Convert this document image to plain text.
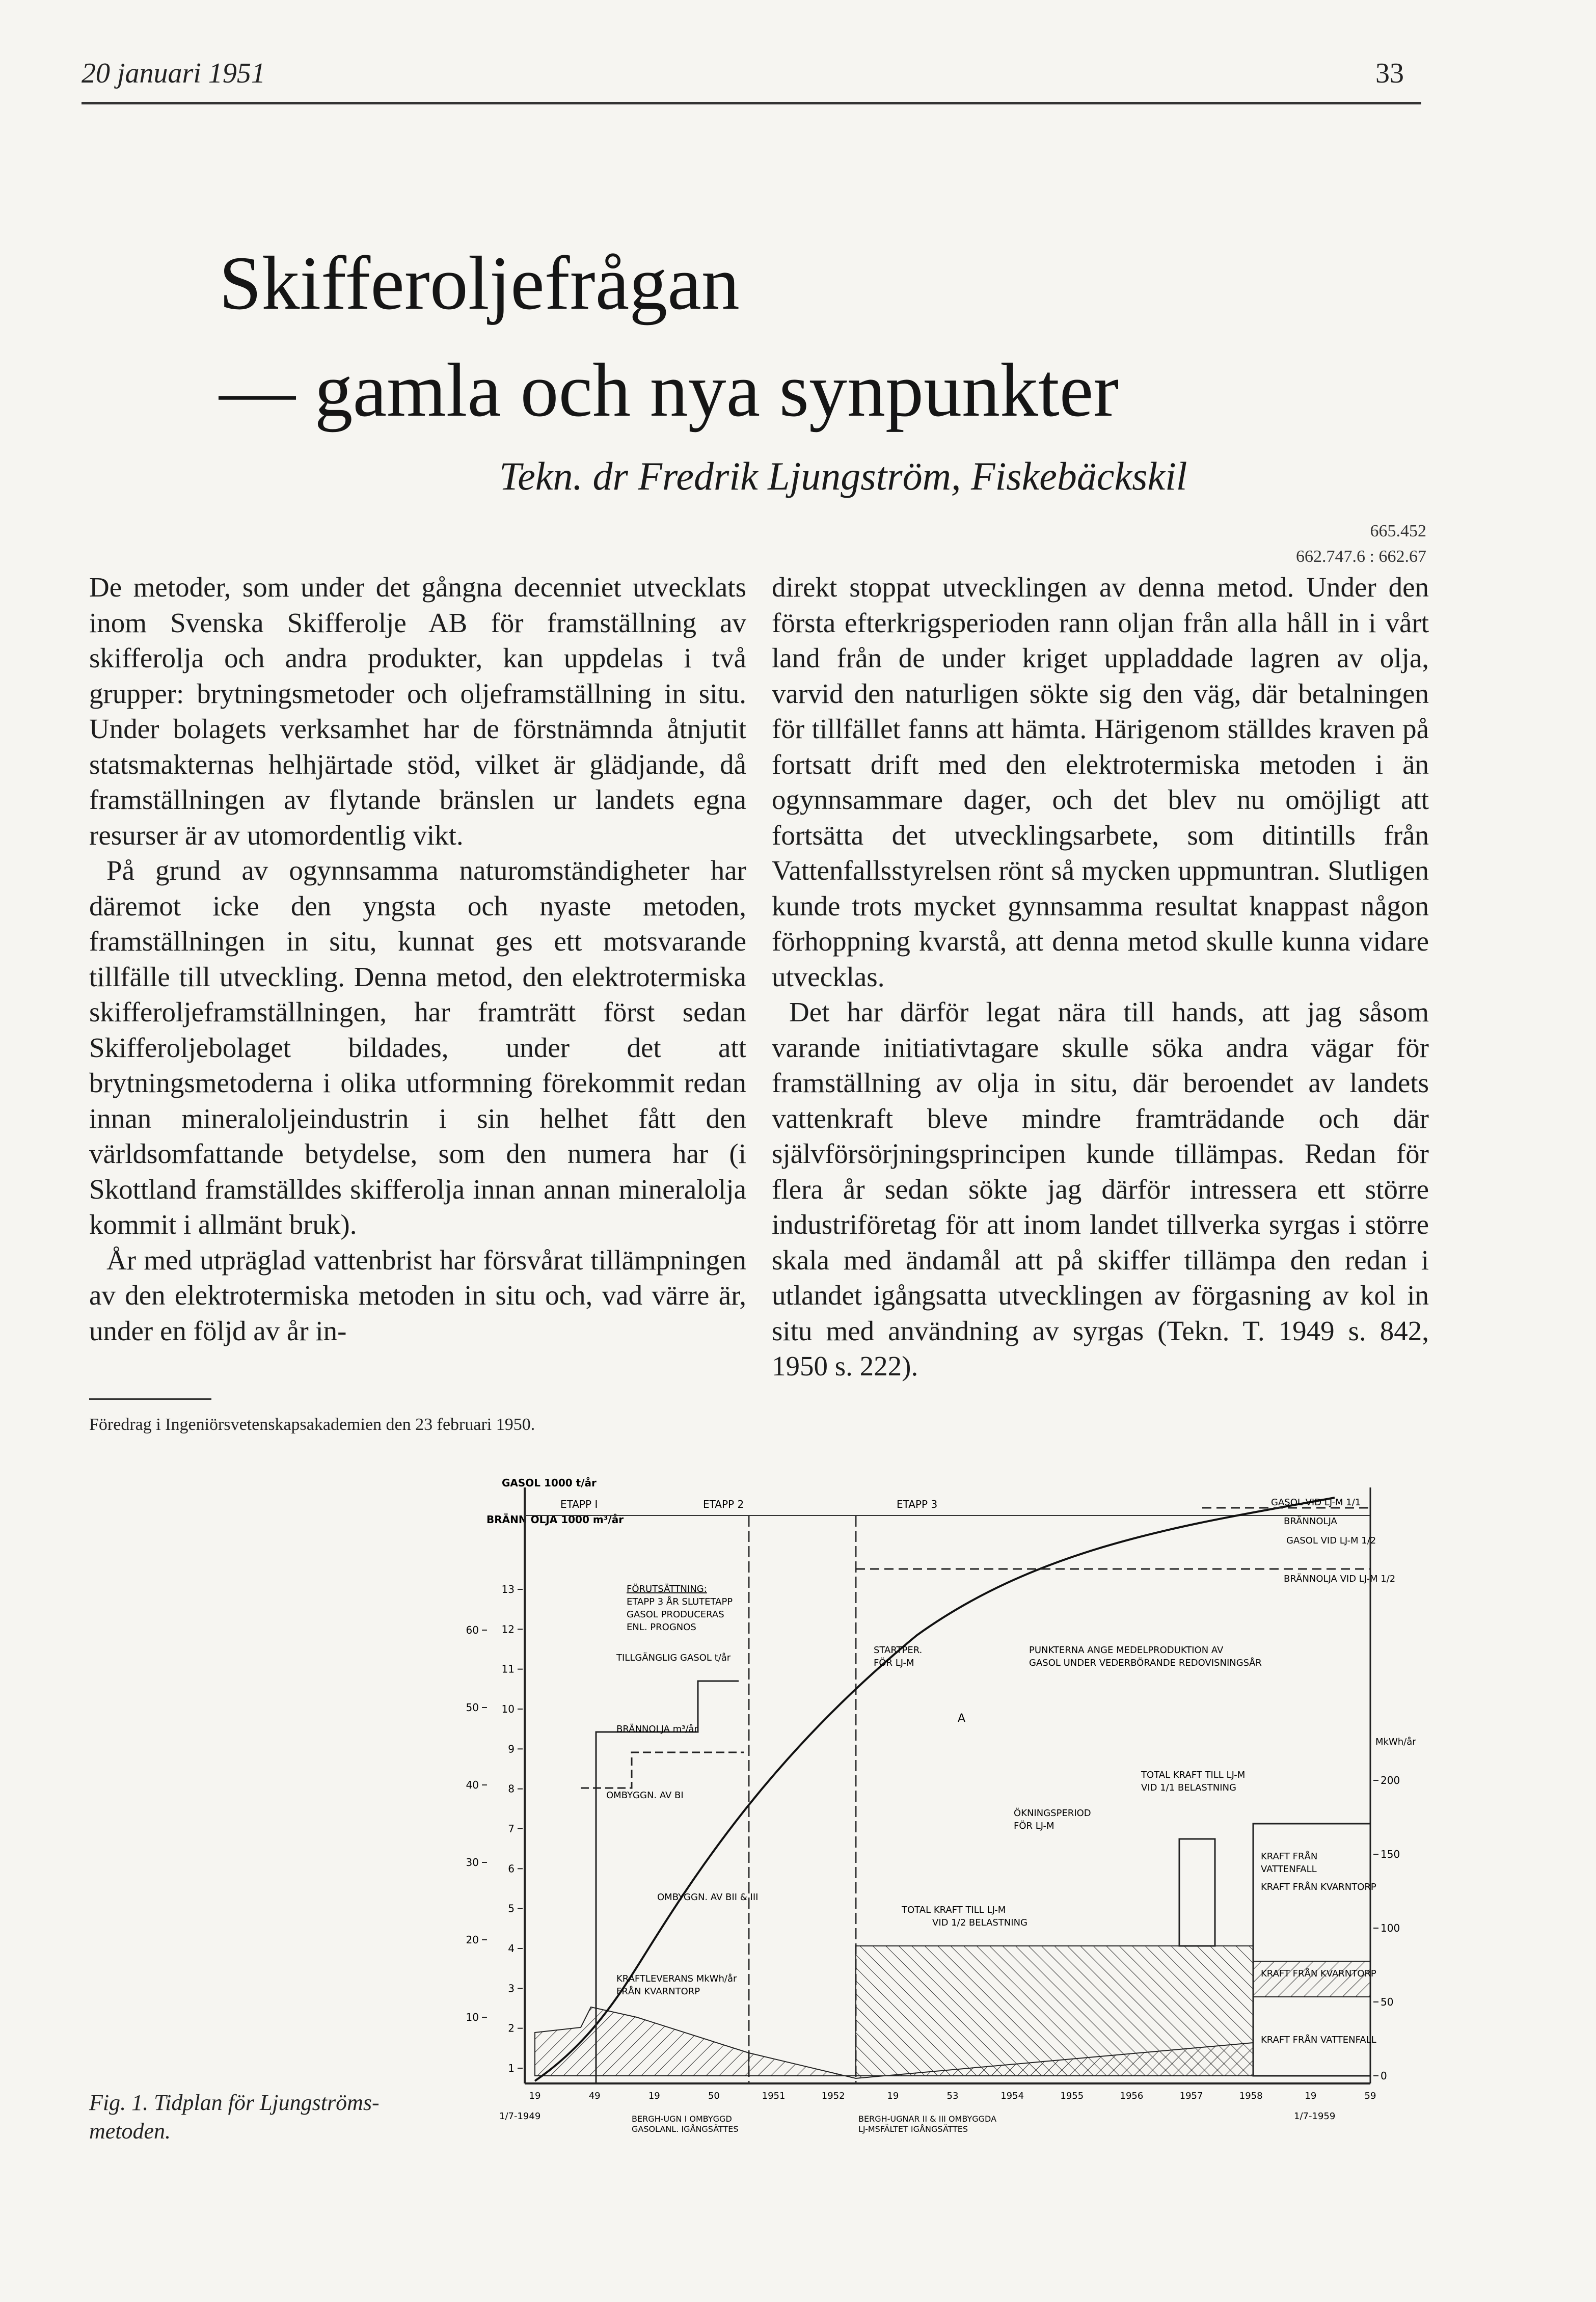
20 januari 1951	33
Skifferoljefrågan
— gamla och nya synpunkter
Tekn. dr Fredrik Ljungström, Fiskebäckskil
665.452
662.747.6 : 662.67

De metoder, som under det gångna decenniet utvecklats inom Svenska Skifferolje AB för framställning av skifferolja och andra produkter, kan uppdelas i två grupper: brytningsmetoder och oljeframställning in situ. Under bolagets verksamhet har de förstnämnda åtnjutit statsmakternas helhjärtade stöd, vilket är glädjande, då framställningen av flytande bränslen ur landets egna resurser är av utomordentlig vikt.

På grund av ogynnsamma naturomständigheter har däremot icke den yngsta och nyaste metoden, framställningen in situ, kunnat ges ett motsvarande tillfälle till utveckling. Denna metod, den elektrotermiska skifferoljeframställningen, har framträtt först sedan Skifferoljebolaget bildades, under det att brytningsmetoderna i olika utformning förekommit redan innan mineraloljeindustrin i sin helhet fått den världsomfattande betydelse, som den numera har (i Skottland framställdes skifferolja innan annan mineralolja kommit i allmänt bruk).

År med utpräglad vattenbrist har försvårat tillämpningen av den elektrotermiska metoden in situ och, vad värre är, under en följd av år in-

direkt stoppat utvecklingen av denna metod. Under den första efterkrigsperioden rann oljan från alla håll in i vårt land från de under kriget uppladdade lagren av olja, varvid den naturligen sökte sig den väg, där betalningen för tillfället fanns att hämta. Härigenom ställdes kraven på fortsatt drift med den elektrotermiska metoden i än ogynnsammare dager, och det blev nu omöjligt att fortsätta det utvecklingsarbete, som ditintills från Vattenfallsstyrelsen rönt så mycken uppmuntran. Slutligen kunde trots mycket gynnsamma resultat knappast någon förhoppning kvarstå, att denna metod skulle kunna vidare utvecklas.

Det har därför legat nära till hands, att jag såsom varande initiativtagare skulle söka andra vägar för framställning av olja in situ, där beroendet av landets vattenkraft bleve mindre framträdande och där självförsörjningsprincipen kunde tillämpas. Redan för flera år sedan sökte jag därför intressera ett större industriföretag för att inom landet tillverka syrgas i större skala med ändamål att på skiffer tillämpa den redan i utlandet igångsatta utvecklingen av förgasning av kol in situ med användning av syrgas (Tekn. T. 1949 s. 842, 1950 s. 222).

Föredrag i Ingeniörsvetenskapsakademien den 23 februari 1950.
Fig. 1. Tidplan för Ljungströms-
metoden.
GASOL 1000 t/år
BRÄNN OLJA 1000 m³/år
MkWh/år
ETAPP I	ETAPP 2	ETAPP 3
60
50
40
30
20
10
13
12
11
10
9
8
7
6
5
4
3
2
1
200
150
100
50
0
19	49	19	50	1951	1952	19	53	1954	1955	1956	1957	1958	19	59
FÖRUTSÄTTNING:
ETAPP 3 ÅR SLUTETAPP
GASOL PRODUCERAS
ENL. PROGNOS
TILLGÄNGLIG GASOL t/år
BRÄNNOLJA m³/år
OMBYGGN. AV BI
OMBYGGN. AV BII & III
KRAFTLEVERANS MkWh/år
FRÅN KVARNTORP
STARTPER.
FÖR LJ-M
PUNKTERNA ANGE MEDELPRODUKTION AV
GASOL UNDER VEDERBÖRANDE REDOVISNINGSÅR
A
TOTAL KRAFT TILL LJ-M
VID 1/1 BELASTNING
ÖKNINGSPERIOD
FÖR LJ-M
TOTAL KRAFT TILL LJ-M
VID 1/2 BELASTNING
KRAFT FRÅN
VATTENFALL
KRAFT FRÅN KVARNTORP
KRAFT FRÅN KVARNTORP
KRAFT FRÅN VATTENFALL
GASOL VID LJ-M 1/1
BRÄNNOLJA
GASOL VID LJ-M 1/2
BRÄNNOLJA VID LJ-M 1/2
BERGH-UGN I OMBYGGD
GASOLANL. IGÅNGSÄTTES
BERGH-UGNAR II & III OMBYGGDA
LJ-MSFÄLTET IGÅNGSÄTTES
1/7-1949	1/7-1959
